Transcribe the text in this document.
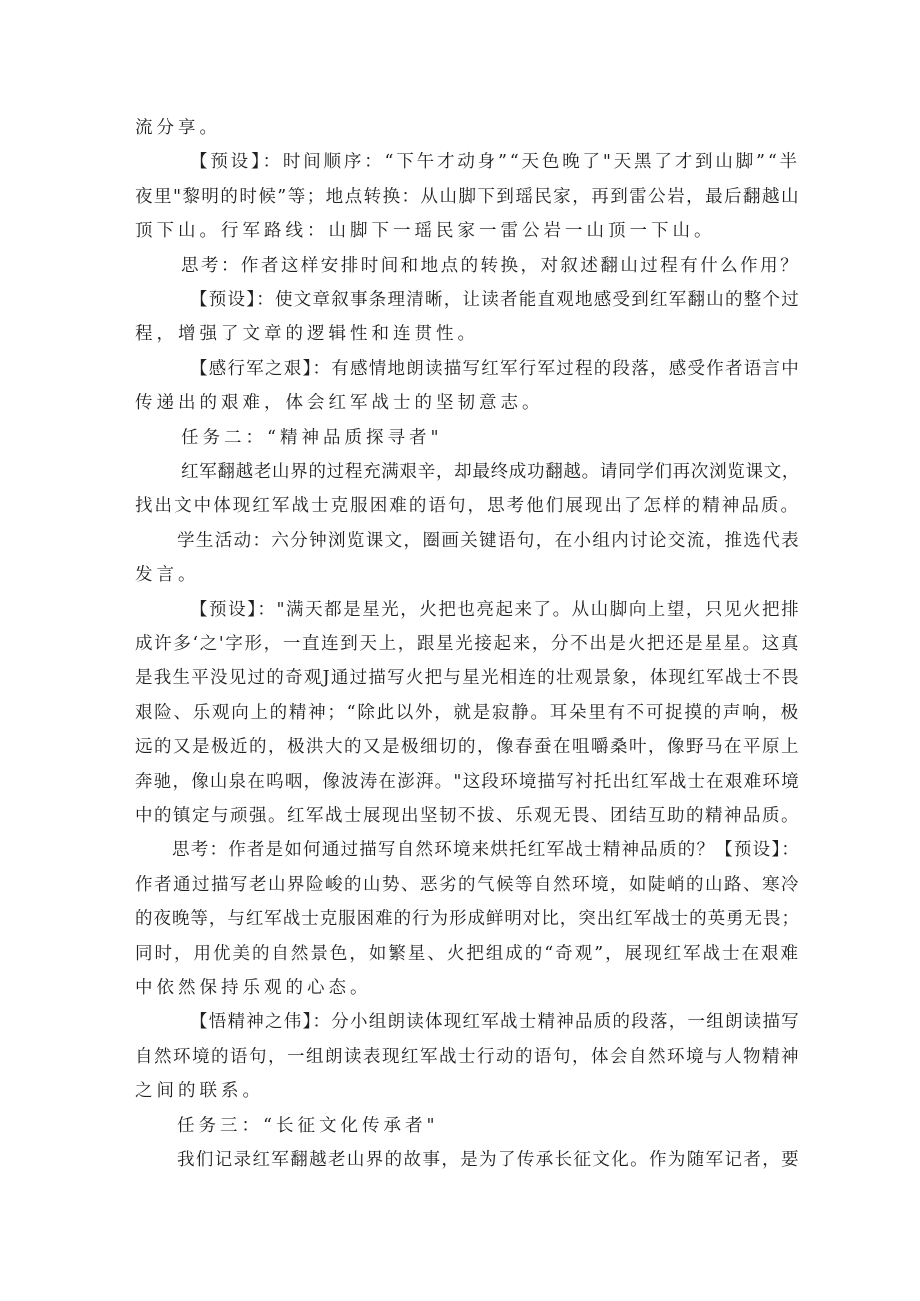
流分享。

【预设】：时间顺序：“下午才动身”“天色晚了"天黑了才到山脚”“半

夜里"黎明的时候”等；地点转换：从山脚下到瑶民家，再到雷公岩，最后翻越山

顶下山。行军路线：山脚下一瑶民家一雷公岩一山顶一下山。

思考：作者这样安排时间和地点的转换，对叙述翻山过程有什么作用？

【预设】：使文章叙事条理清晰，让读者能直观地感受到红军翻山的整个过

程，增强了文章的逻辑性和连贯性。

【感行军之艰】：有感情地朗读描写红军行军过程的段落，感受作者语言中

传递出的艰难，体会红军战士的坚韧意志。

任务二：“精神品质探寻者"

红军翻越老山界的过程充满艰辛，却最终成功翻越。请同学们再次浏览课文，

找出文中体现红军战士克服困难的语句，思考他们展现出了怎样的精神品质。

学生活动：六分钟浏览课文，圈画关键语句，在小组内讨论交流，推选代表

发言。

【预设】："满天都是星光，火把也亮起来了。从山脚向上望，只见火把排

成许多‘之'字形，一直连到天上，跟星光接起来，分不出是火把还是星星。这真

是我生平没见过的奇观J通过描写火把与星光相连的壮观景象，体现红军战士不畏

艰险、乐观向上的精神；“除此以外，就是寂静。耳朵里有不可捉摸的声响，极

远的又是极近的，极洪大的又是极细切的，像春蚕在咀嚼桑叶，像野马在平原上

奔驰，像山泉在呜咽，像波涛在澎湃。"这段环境描写衬托出红军战士在艰难环境

中的镇定与顽强。红军战士展现出坚韧不拔、乐观无畏、团结互助的精神品质。

思考：作者是如何通过描写自然环境来烘托红军战士精神品质的？【预设】：

作者通过描写老山界险峻的山势、恶劣的气候等自然环境，如陡峭的山路、寒冷

的夜晚等，与红军战士克服困难的行为形成鲜明对比，突出红军战士的英勇无畏；

同时，用优美的自然景色，如繁星、火把组成的“奇观”，展现红军战士在艰难

中依然保持乐观的心态。

【悟精神之伟】：分小组朗读体现红军战士精神品质的段落，一组朗读描写

自然环境的语句，一组朗读表现红军战士行动的语句，体会自然环境与人物精神

之间的联系。

任务三：“长征文化传承者"

我们记录红军翻越老山界的故事，是为了传承长征文化。作为随军记者，要
